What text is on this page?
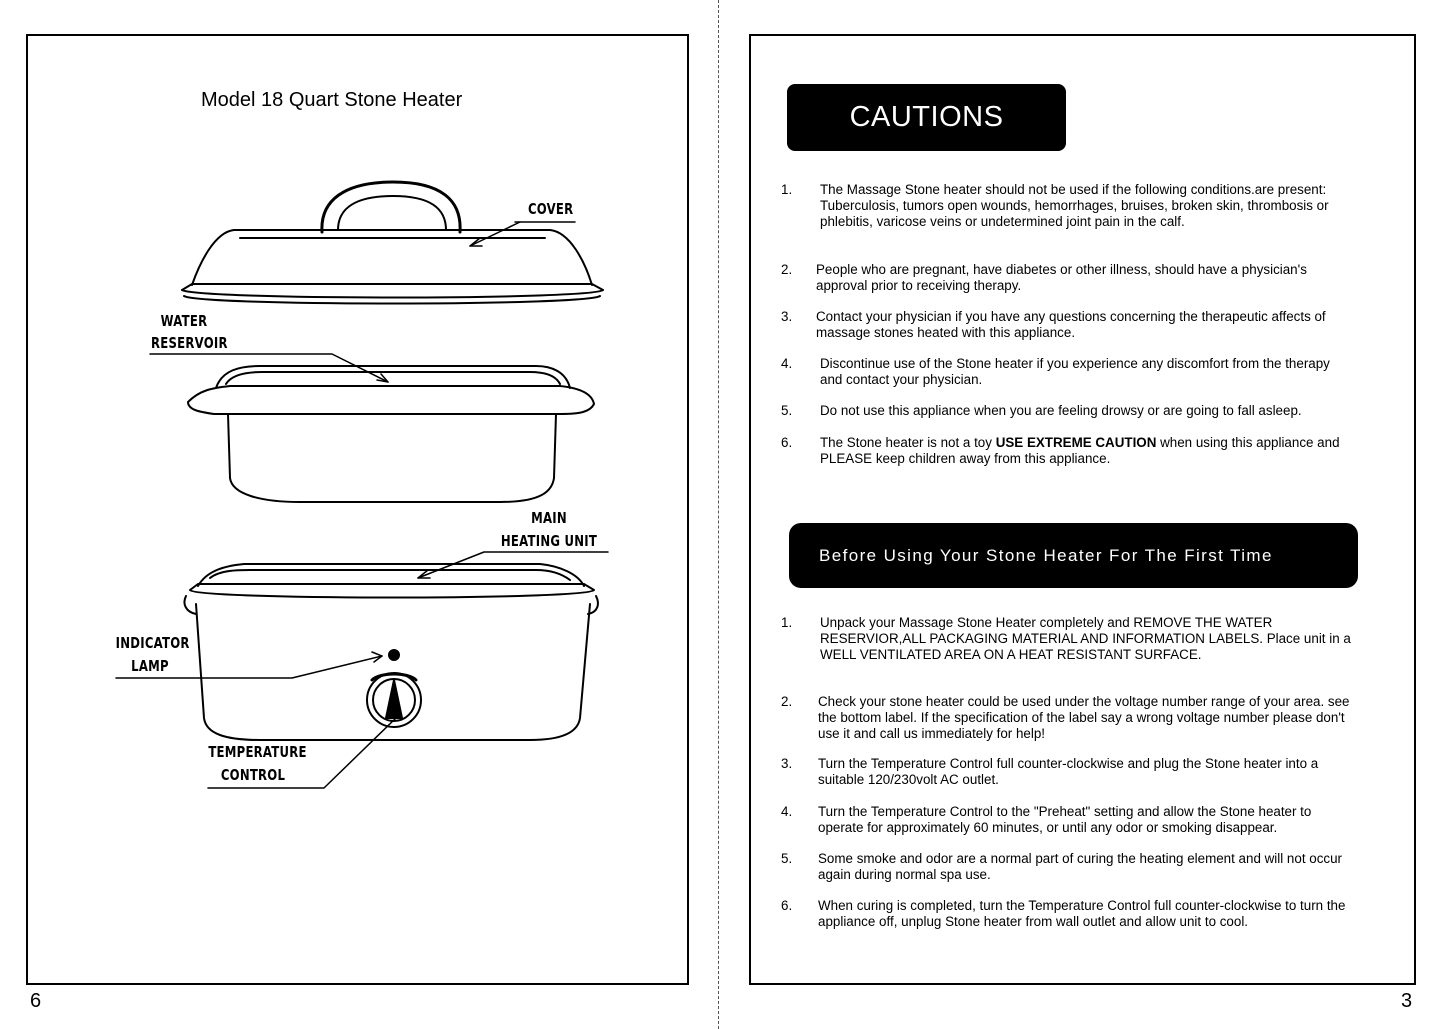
Model 18 Quart Stone Heater
COVER
WATER
RESERVOIR
MAIN
HEATING UNIT
INDICATOR
LAMP
TEMPERATURE
CONTROL
6
CAUTIONS
1. The Massage Stone heater should not be used if the following conditions.are present: Tuberculosis, tumors open wounds, hemorrhages, bruises, broken skin, thrombosis or phlebitis, varicose veins or undetermined joint pain in the calf.
2. People who are pregnant, have diabetes or other illness, should have a physician's approval prior to receiving therapy.
3. Contact your physician if you have any questions concerning the therapeutic affects of massage stones heated with this appliance.
4. Discontinue use of the Stone heater if you experience any discomfort from the therapy and contact your physician.
5. Do not use this appliance when you are feeling drowsy or are going to fall asleep.
6. The Stone heater is not a toy USE EXTREME CAUTION when using this appliance and PLEASE keep children away from this appliance.
Before Using Your Stone Heater For The First Time
1. Unpack your Massage Stone Heater completely and REMOVE THE WATER RESERVIOR,ALL PACKAGING MATERIAL AND INFORMATION LABELS. Place unit in a WELL VENTILATED AREA ON A HEAT RESISTANT SURFACE.
2. Check your stone heater could be used under the voltage number range of your area. see the bottom label. If the specification of the label say a wrong voltage number please don't use it and call us immediately for help!
3. Turn the Temperature Control full counter-clockwise and plug the Stone heater into a suitable 120/230volt AC outlet.
4. Turn the Temperature Control to the "Preheat" setting and allow the Stone heater to operate for approximately 60 minutes, or until any odor or smoking disappear.
5. Some smoke and odor are a normal part of curing the heating element and will not occur again during normal spa use.
6. When curing is completed, turn the Temperature Control full counter-clockwise to turn the appliance off, unplug Stone heater from wall outlet and allow unit to cool.
3
